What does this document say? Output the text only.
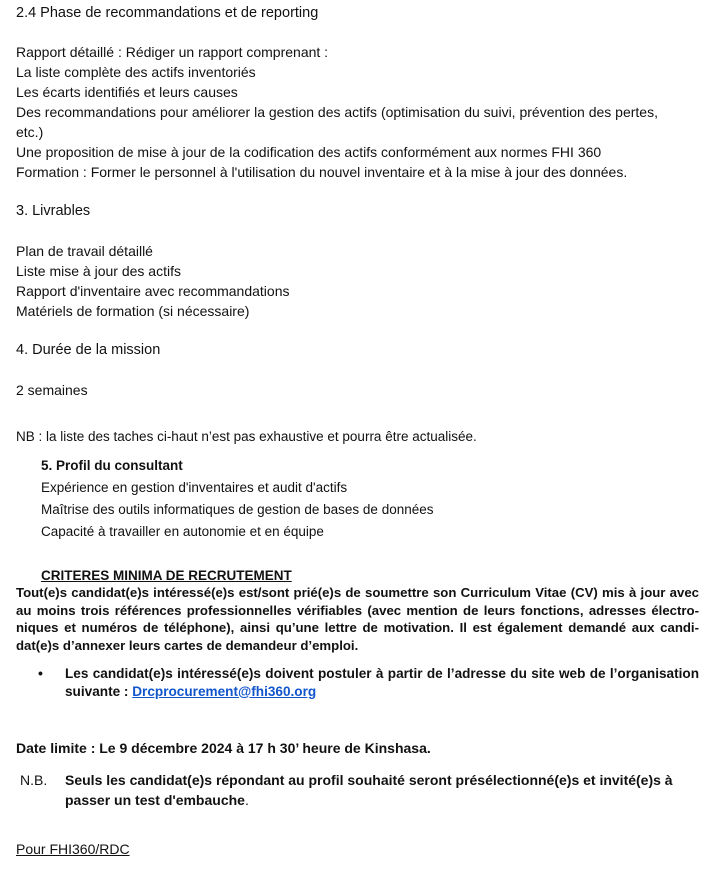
2.4 Phase de recommandations et de reporting
Rapport détaillé : Rédiger un rapport comprenant :
La liste complète des actifs inventoriés
Les écarts identifiés et leurs causes
Des recommandations pour améliorer la gestion des actifs (optimisation du suivi, prévention des pertes,
etc.)
Une proposition de mise à jour de la codification des actifs conformément aux normes FHI 360
Formation : Former le personnel à l'utilisation du nouvel inventaire et à la mise à jour des données.
3. Livrables
Plan de travail détaillé
Liste mise à jour des actifs
Rapport d'inventaire avec recommandations
Matériels de formation (si nécessaire)
4. Durée de la mission
2 semaines
NB : la liste des taches ci-haut n’est pas exhaustive et pourra être actualisée.
5. Profil du consultant
Expérience en gestion d'inventaires et audit d'actifs
Maîtrise des outils informatiques de gestion de bases de données
Capacité à travailler en autonomie et en équipe
CRITERES MINIMA DE RECRUTEMENT
Tout(e)s candidat(e)s intéressé(e)s est/sont prié(e)s de soumettre son Curriculum Vitae (CV) mis à jour avec au moins trois références professionnelles vérifiables (avec mention de leurs fonctions, adresses électroniques et numéros de téléphone), ainsi qu’une lettre de motivation. Il est également demandé aux candidat(e)s d’annexer leurs cartes de demandeur d’emploi.
• Les candidat(e)s intéressé(e)s doivent postuler à partir de l’adresse du site web de l’organisation suivante : Drcprocurement@fhi360.org
Date limite : Le 9 décembre 2024 à 17 h 30’ heure de Kinshasa.
N.B. Seuls les candidat(e)s répondant au profil souhaité seront présélectionné(e)s et invité(e)s à passer un test d'embauche.
Pour FHI360/RDC
